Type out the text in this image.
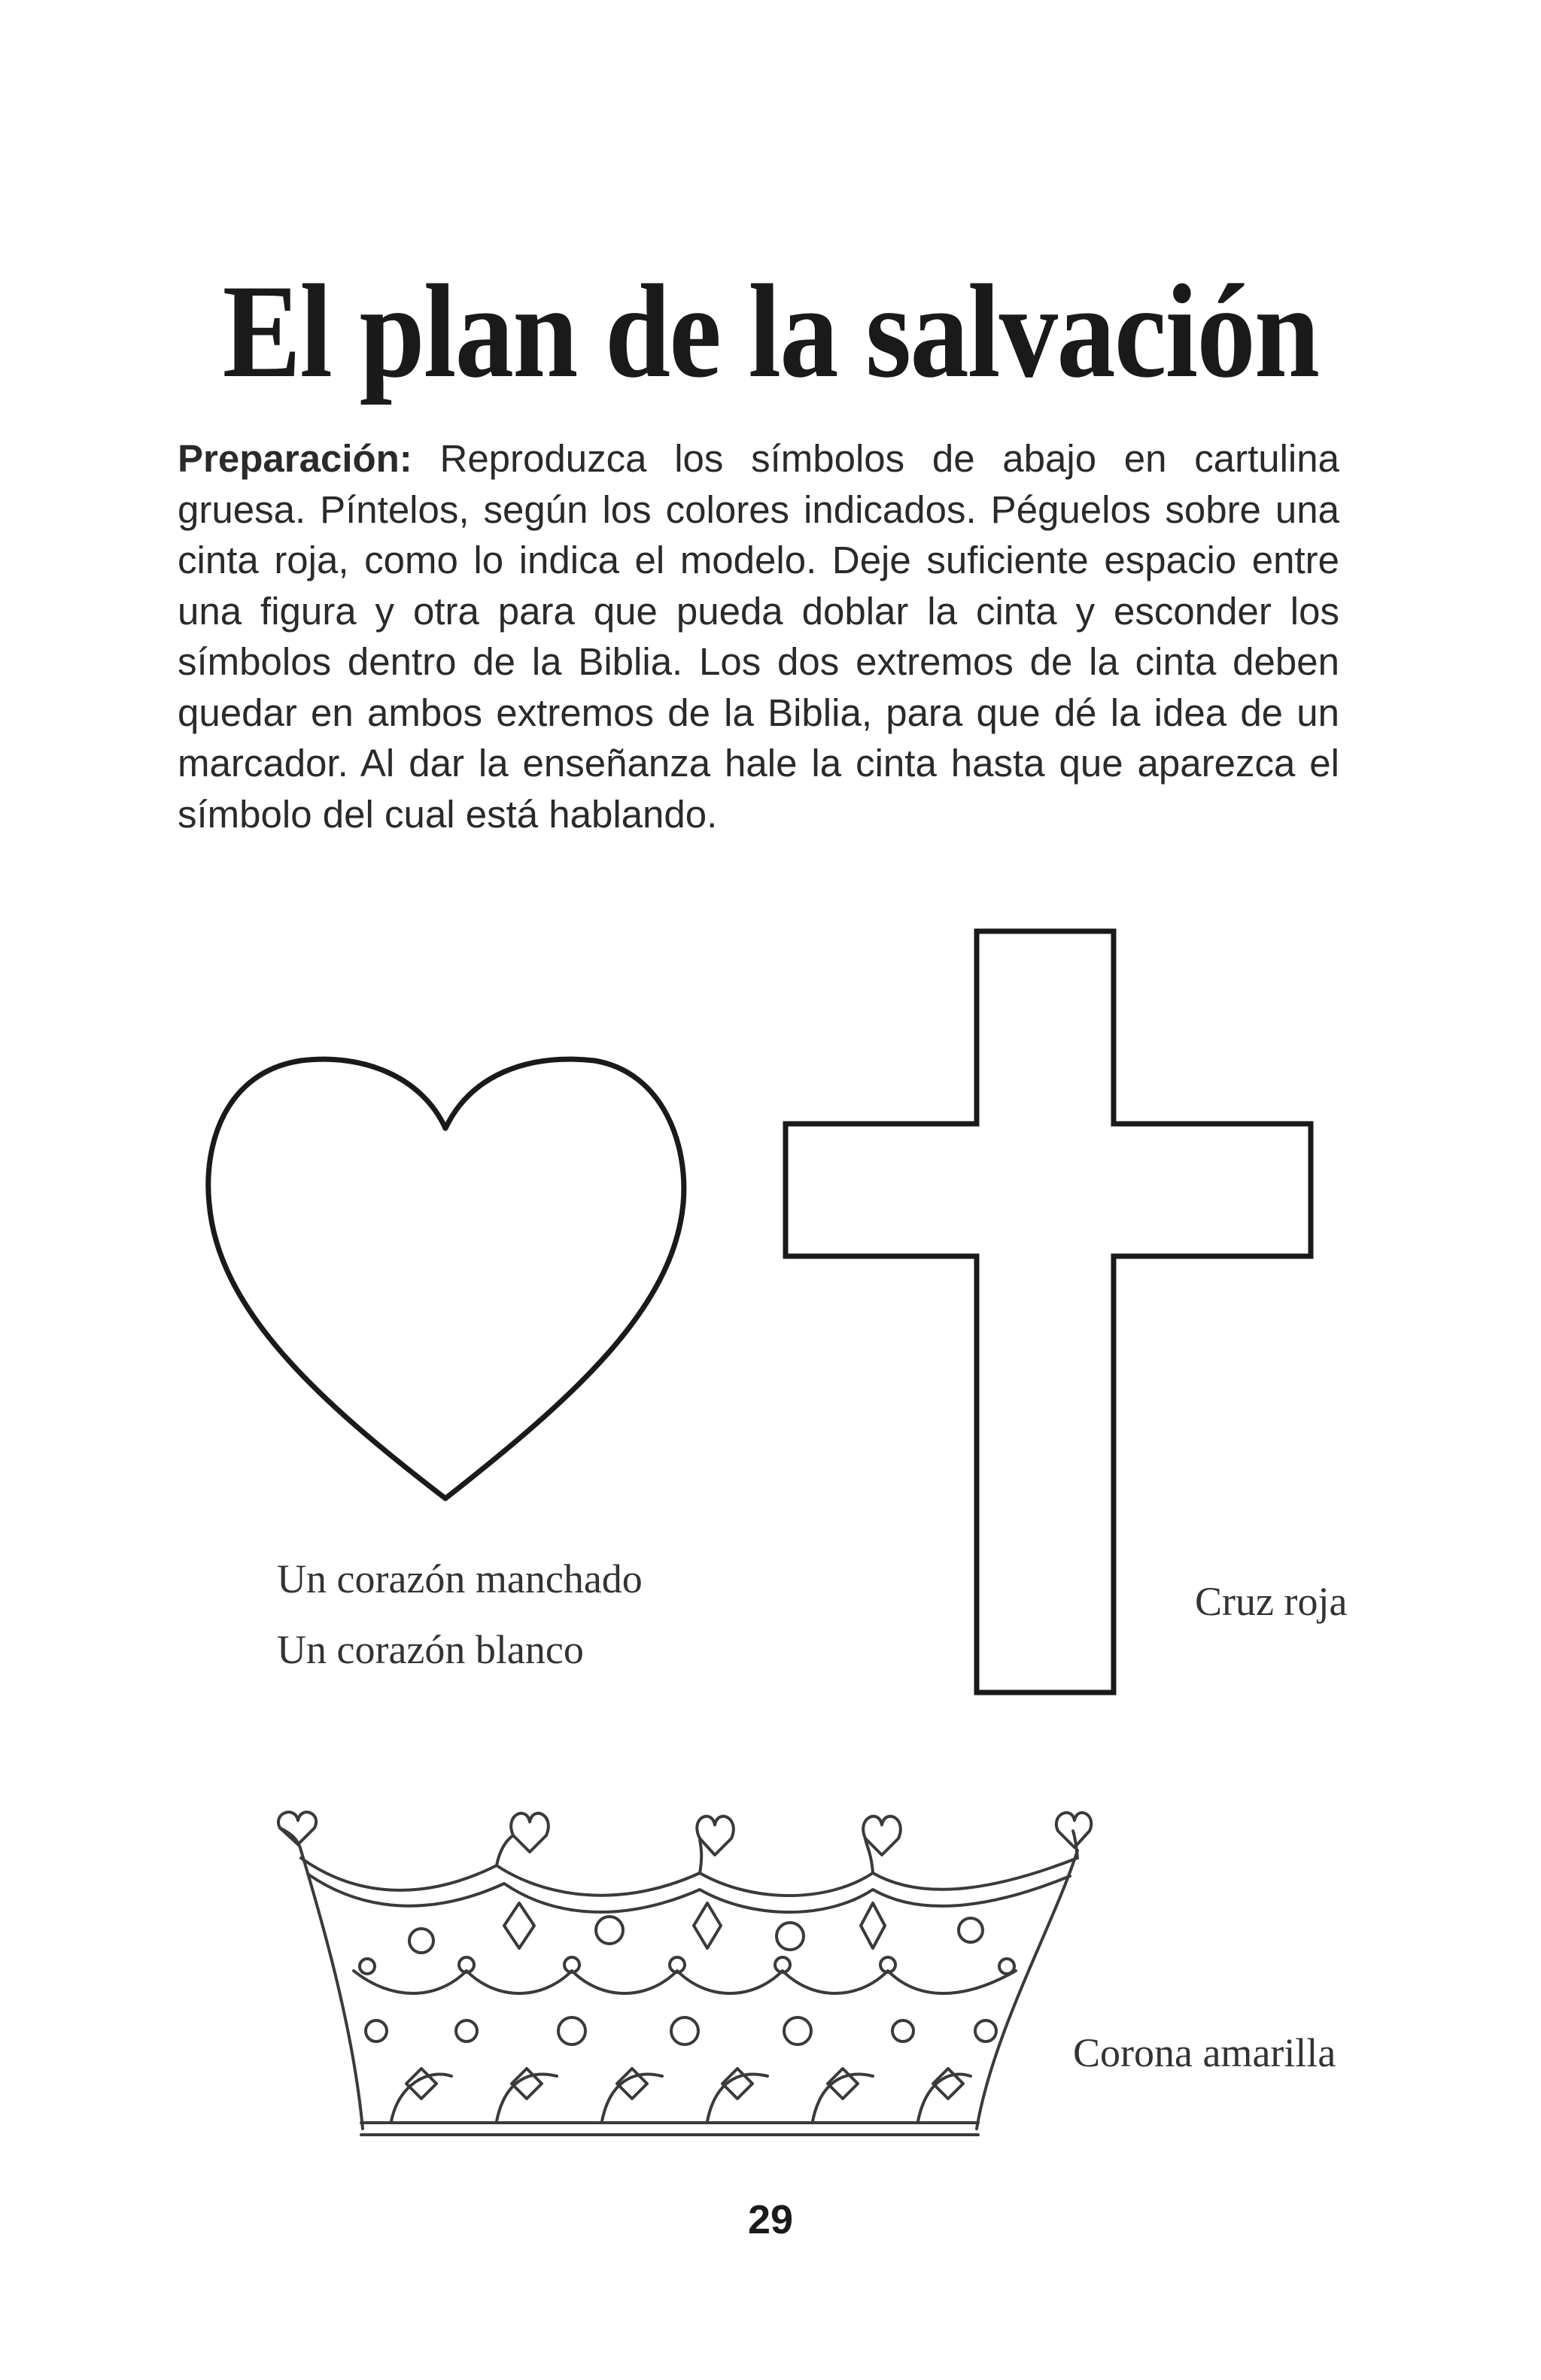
El plan de la salvación
Preparación: Reproduzca los símbolos de abajo en cartulina gruesa. Píntelos, según los colores indicados. Péguelos sobre una cinta roja, como lo indica el modelo. Deje suficiente espacio entre una figura y otra para que pueda doblar la cinta y esconder los símbolos dentro de la Biblia. Los dos extremos de la cinta deben quedar en ambos extremos de la Biblia, para que dé la idea de un marcador. Al dar la enseñanza hale la cinta hasta que aparezca el símbolo del cual está hablando.
Un corazón manchado
Un corazón blanco
Cruz roja
Corona amarilla
29
